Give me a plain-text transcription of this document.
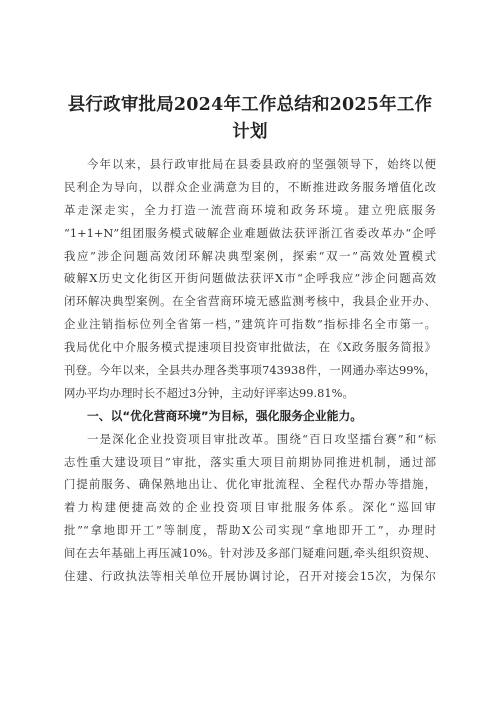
县行政审批局2024年工作总结和2025年工作
计划
今年以来，县行政审批局在县委县政府的坚强领导下，始终以便
民利企为导向，以群众企业满意为目的，不断推进政务服务增值化改
革走深走实，全力打造一流营商环境和政务环境。建立兜底服务
“1+1+N”组团服务模式破解企业难题做法获评浙江省委改革办“企呼
我应”涉企问题高效闭环解决典型案例，探索“双一”高效处置模式
破解X历史文化街区开街问题做法获评X市“企呼我应”涉企问题高效
闭环解决典型案例。在全省营商环境无感监测考核中，我县企业开办、
企业注销指标位列全省第一档，”建筑许可指数”指标排名全市第一。
我局优化中介服务模式提速项目投资审批做法，在《X政务服务简报》
刊登。今年以来，全县共办理各类事项743938件，一网通办率达99%，
网办平均办理时长不超过3分钟，主动好评率达99.81%。
一、以“优化营商环境”为目标，强化服务企业能力。
一是深化企业投资项目审批改革。围绕“百日攻坚擂台赛”和“标
志性重大建设项目”审批，落实重大项目前期协同推进机制，通过部
门提前服务、确保熟地出让、优化审批流程、全程代办帮办等措施，
着力构建便捷高效的企业投资项目审批服务体系。深化“巡回审
批”“拿地即开工”等制度，帮助X公司实现“拿地即开工”，办理时
间在去年基础上再压减10%。针对涉及多部门疑难问题,牵头组织资规、
住建、行政执法等相关单位开展协调讨论，召开对接会15次，为保尔
